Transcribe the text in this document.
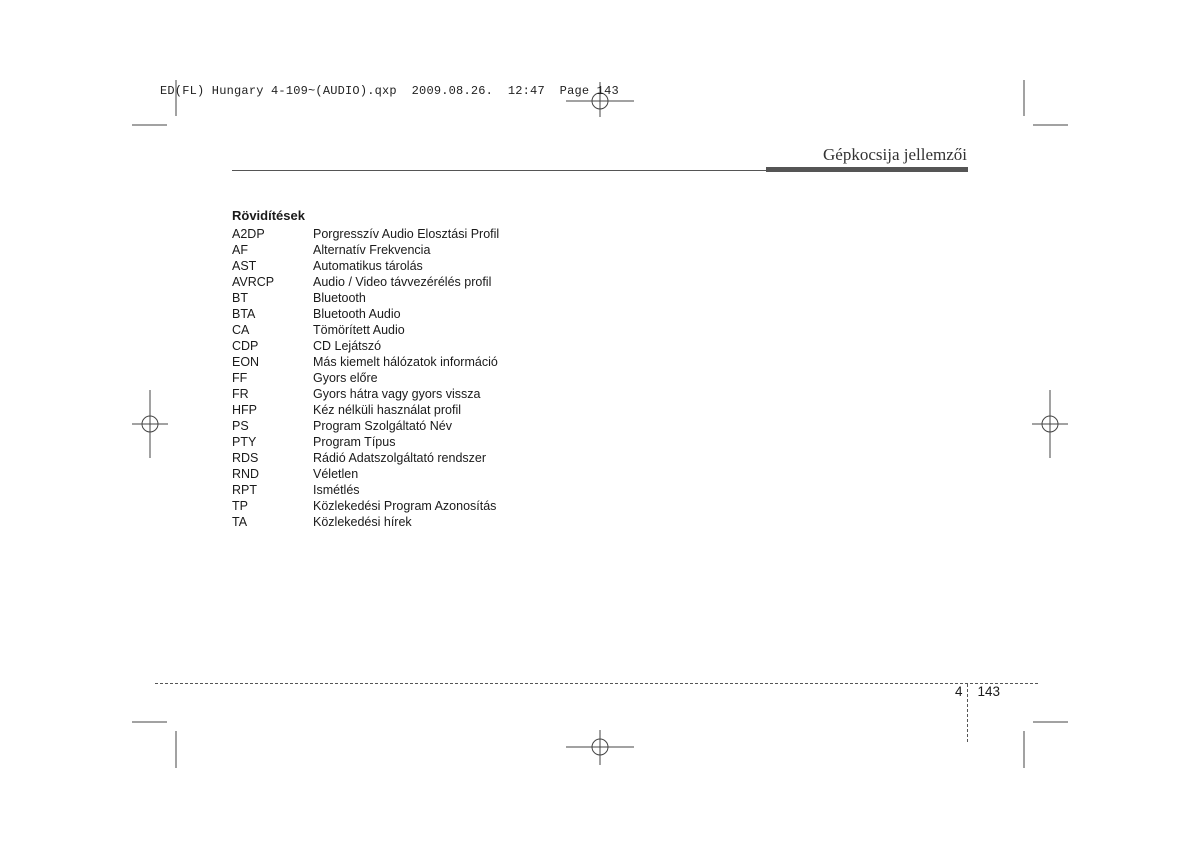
ED(FL) Hungary 4-109~(AUDIO).qxp  2009.08.26.  12:47  Page 143
Gépkocsija jellemzői
Rövidítések
A2DP	Porgresszív Audio Elosztási Profil
AF	Alternatív Frekvencia
AST	Automatikus tárolás
AVRCP	Audio / Video távvezérélés profil
BT	Bluetooth
BTA	Bluetooth Audio
CA	Tömörített Audio
CDP	CD Lejátszó
EON	Más kiemelt hálózatok információ
FF	Gyors előre
FR	Gyors hátra vagy gyors vissza
HFP	Kéz nélküli használat profil
PS	Program Szolgáltató Név
PTY	Program Típus
RDS	Rádió Adatszolgáltató rendszer
RND	Véletlen
RPT	Ismétlés
TP	Közlekedési Program Azonosítás
TA	Közlekedési hírek
4 143
